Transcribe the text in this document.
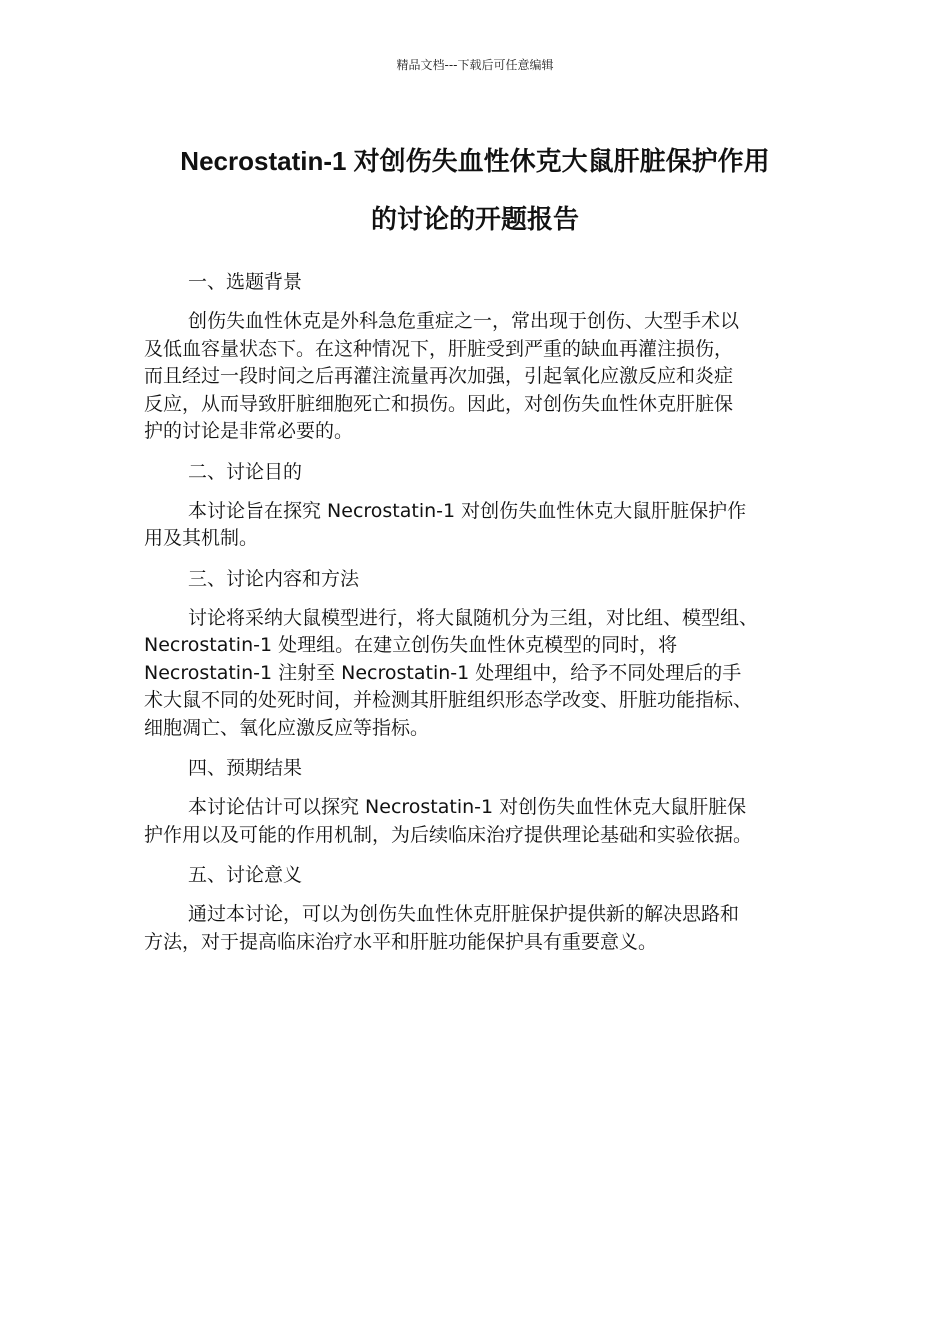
精品文档---下载后可任意编辑
Necrostatin-1 对创伤失血性休克大鼠肝脏保护作用
的讨论的开题报告
一、选题背景
创伤失血性休克是外科急危重症之一，常出现于创伤、大型手术以
及低血容量状态下。在这种情况下，肝脏受到严重的缺血再灌注损伤，
而且经过一段时间之后再灌注流量再次加强，引起氧化应激反应和炎症
反应，从而导致肝脏细胞死亡和损伤。因此，对创伤失血性休克肝脏保
护的讨论是非常必要的。
二、讨论目的
本讨论旨在探究 Necrostatin-1 对创伤失血性休克大鼠肝脏保护作
用及其机制。
三、讨论内容和方法
讨论将采纳大鼠模型进行，将大鼠随机分为三组，对比组、模型组、
Necrostatin-1 处理组。在建立创伤失血性休克模型的同时，将
Necrostatin-1 注射至 Necrostatin-1 处理组中，给予不同处理后的手
术大鼠不同的处死时间，并检测其肝脏组织形态学改变、肝脏功能指标、
细胞凋亡、氧化应激反应等指标。
四、预期结果
本讨论估计可以探究 Necrostatin-1 对创伤失血性休克大鼠肝脏保
护作用以及可能的作用机制，为后续临床治疗提供理论基础和实验依据。
五、讨论意义
通过本讨论，可以为创伤失血性休克肝脏保护提供新的解决思路和
方法，对于提高临床治疗水平和肝脏功能保护具有重要意义。
